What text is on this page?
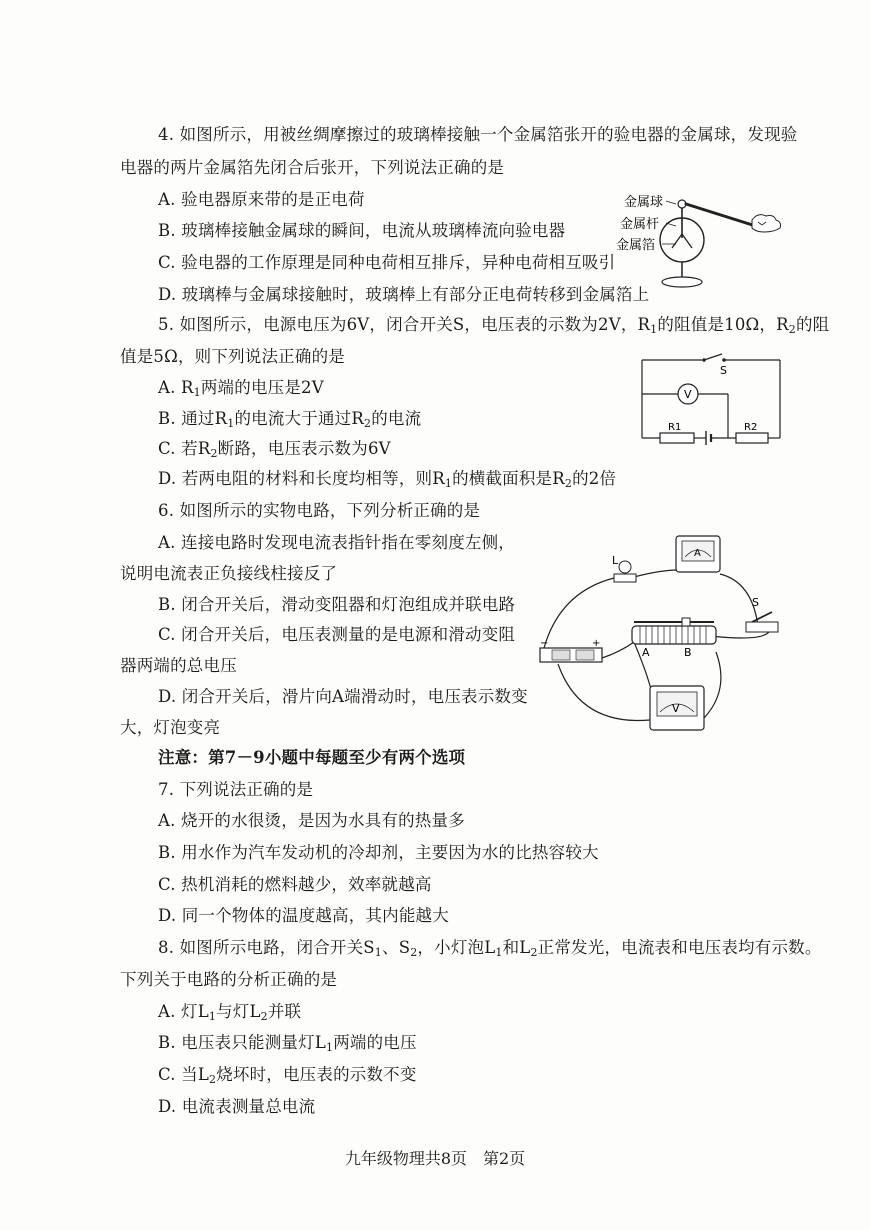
4. 如图所示，用被丝绸摩擦过的玻璃棒接触一个金属箔张开的验电器的金属球，发现验
电器的两片金属箔先闭合后张开，下列说法正确的是
A. 验电器原来带的是正电荷
B. 玻璃棒接触金属球的瞬间，电流从玻璃棒流向验电器
C. 验电器的工作原理是同种电荷相互排斥，异种电荷相互吸引
D. 玻璃棒与金属球接触时，玻璃棒上有部分正电荷转移到金属箔上
金属球
金属杆
金属箔
5. 如图所示，电源电压为6V，闭合开关S，电压表的示数为2V，$R_1$的阻值是10Ω，$R_2$的阻
值是5Ω，则下列说法正确的是
A. $R_1$两端的电压是2V
B. 通过$R_1$的电流大于通过$R_2$的电流
C. 若$R_2$断路，电压表示数为6V
D. 若两电阻的材料和长度均相等，则$R_1$的横截面积是$R_2$的2倍
S
V
R1	R2
6. 如图所示的实物电路，下列分析正确的是
A. 连接电路时发现电流表指针指在零刻度左侧，
说明电流表正负接线柱接反了
B. 闭合开关后，滑动变阻器和灯泡组成并联电路
C. 闭合开关后，电压表测量的是电源和滑动变阻
器两端的总电压
D. 闭合开关后，滑片向A端滑动时，电压表示数变
大，灯泡变亮
L
A
S
+
−
A	B
V
注意：第7－9小题中每题至少有两个选项
7. 下列说法正确的是
A. 烧开的水很烫，是因为水具有的热量多
B. 用水作为汽车发动机的冷却剂，主要因为水的比热容较大
C. 热机消耗的燃料越少，效率就越高
D. 同一个物体的温度越高，其内能越大
8. 如图所示电路，闭合开关$S_1$、$S_2$，小灯泡$L_1$和$L_2$正常发光，电流表和电压表均有示数。
下列关于电路的分析正确的是
A. 灯$L_1$与灯$L_2$并联
B. 电压表只能测量灯$L_1$两端的电压
C. 当$L_2$烧坏时，电压表的示数不变
D. 电流表测量总电流
九年级物理共8页　第2页
